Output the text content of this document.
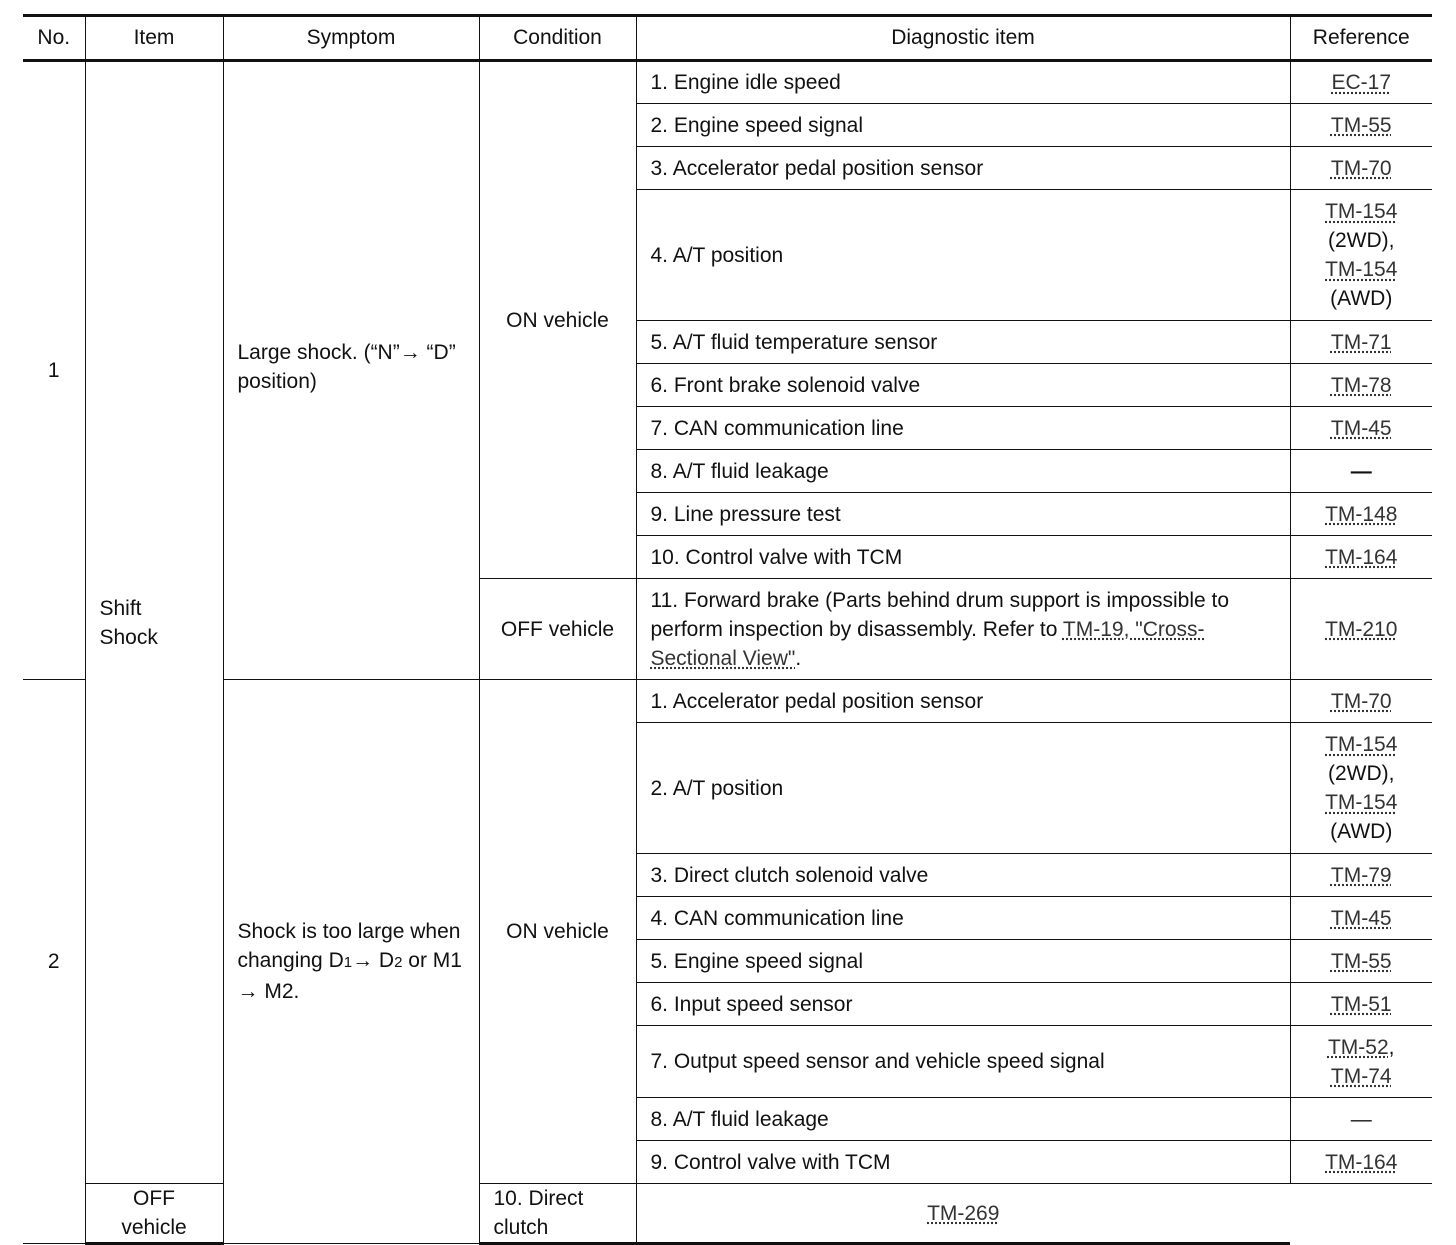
No.	Item	Symptom	Condition	Diagnostic item	Reference
1	Shift Shock	Large shock. (“N”→ “D” position)	ON vehicle	1. Engine idle speed	EC-17
				2. Engine speed signal	TM-55
				3. Accelerator pedal position sensor	TM-70
				4. A/T position	TM-154
(2WD),
TM-154
(AWD)

				5. A/T fluid temperature sensor	TM-71
				6. Front brake solenoid valve	TM-78
				7. CAN communication line	TM-45
				8. A/T fluid leakage	—
				9. Line pressure test	TM-148
				10. Control valve with TCM	TM-164
			OFF vehicle	11. Forward brake (Parts behind drum support is impossible to perform inspection by disassembly. Refer to TM-19, "Cross-Sectional View".	TM-210
2		Shock is too large when changing D1→ D2 or M1 → M2.	ON vehicle	1. Accelerator pedal position sensor	TM-70
				2. A/T position	TM-154
(2WD),
TM-154
(AWD)

				3. Direct clutch solenoid valve	TM-79
				4. CAN communication line	TM-45
				5. Engine speed signal	TM-55
				6. Input speed sensor	TM-51
				7. Output speed sensor and vehicle speed signal	TM-52,
TM-74

				8. A/T fluid leakage	—
				9. Control valve with TCM	TM-164
	OFF vehicle		10. Direct clutch	TM-269	
